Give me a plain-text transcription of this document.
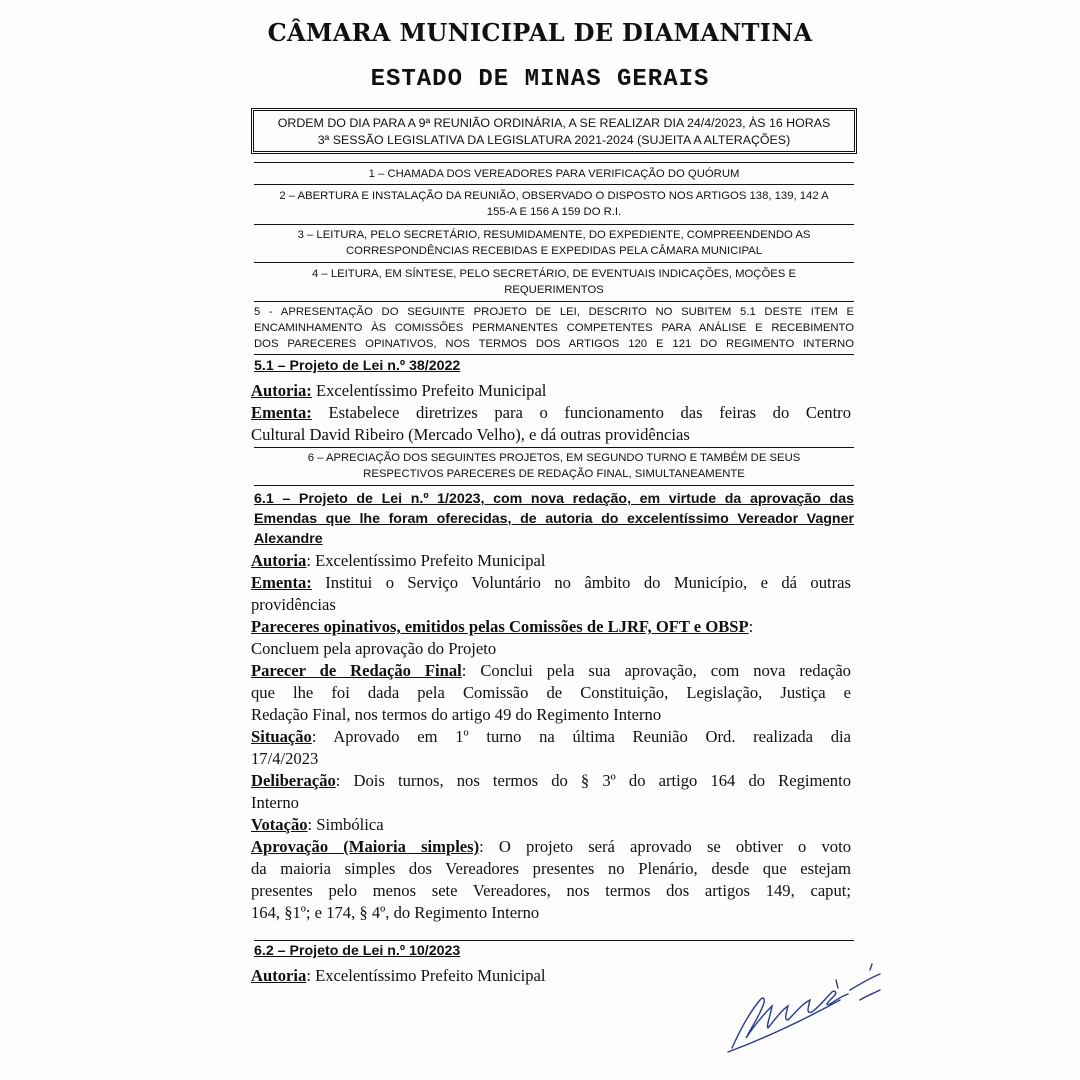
CÂMARA MUNICIPAL DE DIAMANTINA
ESTADO DE MINAS GERAIS
ORDEM DO DIA PARA A 9ª REUNIÃO ORDINÁRIA, A SE REALIZAR DIA 24/4/2023, ÀS 16 HORAS
3ª SESSÃO LEGISLATIVA DA LEGISLATURA 2021-2024 (SUJEITA A ALTERAÇÕES)
1 – CHAMADA DOS VEREADORES PARA VERIFICAÇÃO DO QUÓRUM
2 – ABERTURA E INSTALAÇÃO DA REUNIÃO, OBSERVADO O DISPOSTO NOS ARTIGOS 138, 139, 142 A
155-A E 156 A 159 DO R.I.
3 – LEITURA, PELO SECRETÁRIO, RESUMIDAMENTE, DO EXPEDIENTE, COMPREENDENDO AS
CORRESPONDÊNCIAS RECEBIDAS E EXPEDIDAS PELA CÂMARA MUNICIPAL
4 – LEITURA, EM SÍNTESE, PELO SECRETÁRIO, DE EVENTUAIS INDICAÇÕES, MOÇÕES E
REQUERIMENTOS
5 - APRESENTAÇÃO DO SEGUINTE PROJETO DE LEI, DESCRITO NO SUBITEM 5.1 DESTE ITEM E
ENCAMINHAMENTO ÀS COMISSÕES PERMANENTES COMPETENTES PARA ANÁLISE E RECEBIMENTO
DOS PARECERES OPINATIVOS, NOS TERMOS DOS ARTIGOS 120 E 121 DO REGIMENTO INTERNO
5.1 – Projeto de Lei n.º 38/2022
Autoria: Excelentíssimo Prefeito Municipal
Ementa: Estabelece diretrizes para o funcionamento das feiras do Centro
Cultural David Ribeiro (Mercado Velho), e dá outras providências
6 – APRECIAÇÃO DOS SEGUINTES PROJETOS, EM SEGUNDO TURNO E TAMBÉM DE SEUS
RESPECTIVOS PARECERES DE REDAÇÃO FINAL, SIMULTANEAMENTE
6.1 – Projeto de Lei n.º 1/2023, com nova redação, em virtude da aprovação das
Emendas que lhe foram oferecidas, de autoria do excelentíssimo Vereador Vagner
Alexandre
Autoria: Excelentíssimo Prefeito Municipal
Ementa: Institui o Serviço Voluntário no âmbito do Município, e dá outras
providências
Pareceres opinativos, emitidos pelas Comissões de LJRF, OFT e OBSP:
Concluem pela aprovação do Projeto
Parecer de Redação Final: Conclui pela sua aprovação, com nova redação
que lhe foi dada pela Comissão de Constituição, Legislação, Justiça e
Redação Final, nos termos do artigo 49 do Regimento Interno
Situação: Aprovado em 1º turno na última Reunião Ord. realizada dia
17/4/2023
Deliberação: Dois turnos, nos termos do § 3º do artigo 164 do Regimento
Interno
Votação: Simbólica
Aprovação (Maioria simples): O projeto será aprovado se obtiver o voto
da maioria simples dos Vereadores presentes no Plenário, desde que estejam
presentes pelo menos sete Vereadores, nos termos dos artigos 149, caput;
164, §1º; e 174, § 4º, do Regimento Interno
6.2 – Projeto de Lei n.º 10/2023
Autoria: Excelentíssimo Prefeito Municipal
